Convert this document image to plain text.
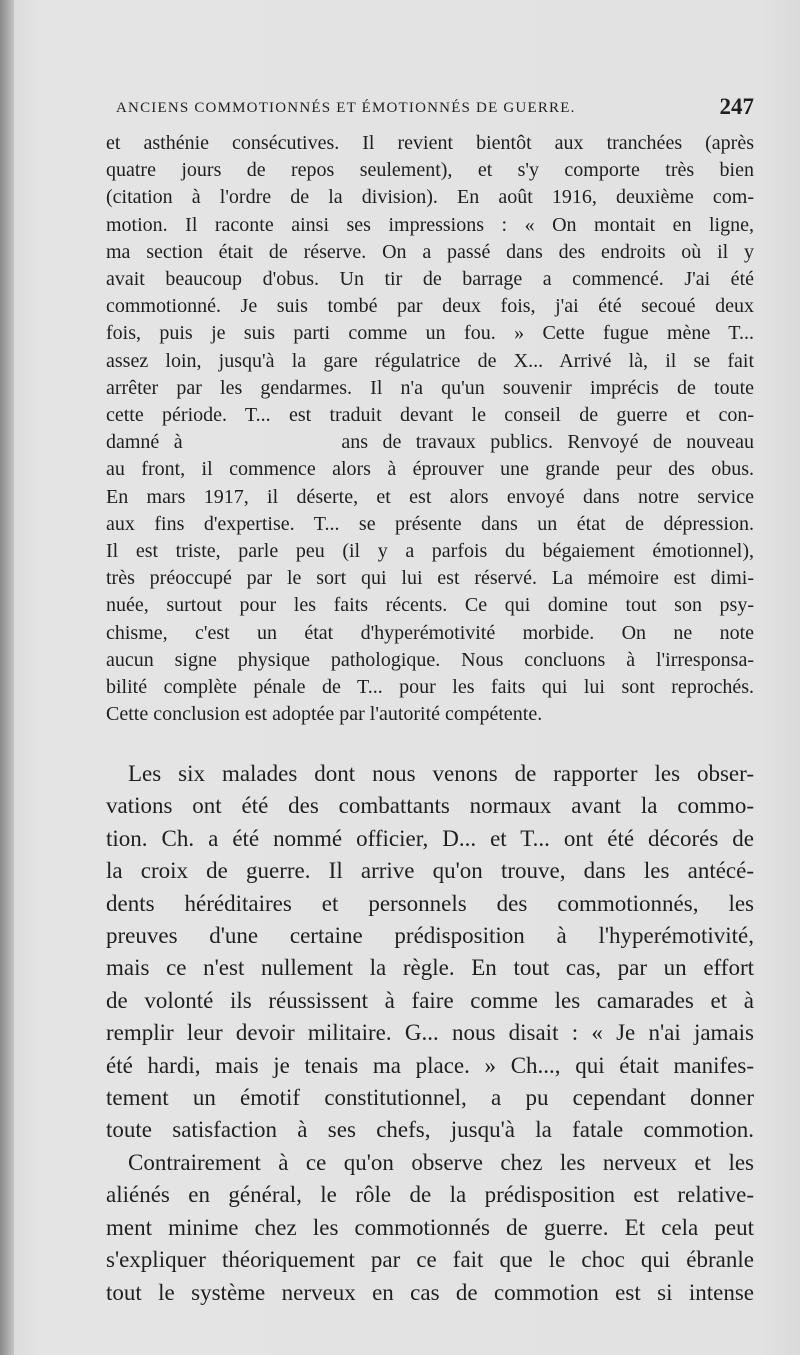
ANCIENS COMMOTIONNÉS ET ÉMOTIONNÉS DE GUERRE.	247
et asthénie consécutives. Il revient bientôt aux tranchées (après
quatre jours de repos seulement), et s'y comporte très bien
(citation à l'ordre de la division). En août 1916, deuxième com-
motion. Il raconte ainsi ses impressions : « On montait en ligne,
ma section était de réserve. On a passé dans des endroits où il y
avait beaucoup d'obus. Un tir de barrage a commencé. J'ai été
commotionné. Je suis tombé par deux fois, j'ai été secoué deux
fois, puis je suis parti comme un fou. » Cette fugue mène T...
assez loin, jusqu'à la gare régulatrice de X... Arrivé là, il se fait
arrêter par les gendarmes. Il n'a qu'un souvenir imprécis de toute
cette période. T... est traduit devant le conseil de guerre et con-
damné à           ans de travaux publics. Renvoyé de nouveau
au front, il commence alors à éprouver une grande peur des obus.
En mars 1917, il déserte, et est alors envoyé dans notre service
aux fins d'expertise. T... se présente dans un état de dépression.
Il est triste, parle peu (il y a parfois du bégaiement émotionnel),
très préoccupé par le sort qui lui est réservé. La mémoire est dimi-
nuée, surtout pour les faits récents. Ce qui domine tout son psy-
chisme, c'est un état d'hyperémotivité morbide. On ne note
aucun signe physique pathologique. Nous concluons à l'irresponsa-
bilité complète pénale de T... pour les faits qui lui sont reprochés.
Cette conclusion est adoptée par l'autorité compétente.
Les six malades dont nous venons de rapporter les obser-
vations ont été des combattants normaux avant la commo-
tion. Ch. a été nommé officier, D... et T... ont été décorés de
la croix de guerre. Il arrive qu'on trouve, dans les antécé-
dents héréditaires et personnels des commotionnés, les
preuves d'une certaine prédisposition à l'hyperémotivité,
mais ce n'est nullement la règle. En tout cas, par un effort
de volonté ils réussissent à faire comme les camarades et à
remplir leur devoir militaire. G... nous disait : « Je n'ai jamais
été hardi, mais je tenais ma place. » Ch..., qui était manifes-
tement un émotif constitutionnel, a pu cependant donner
toute satisfaction à ses chefs, jusqu'à la fatale commotion.
Contrairement à ce qu'on observe chez les nerveux et les
aliénés en général, le rôle de la prédisposition est relative-
ment minime chez les commotionnés de guerre. Et cela peut
s'expliquer théoriquement par ce fait que le choc qui ébranle
tout le système nerveux en cas de commotion est si intense
